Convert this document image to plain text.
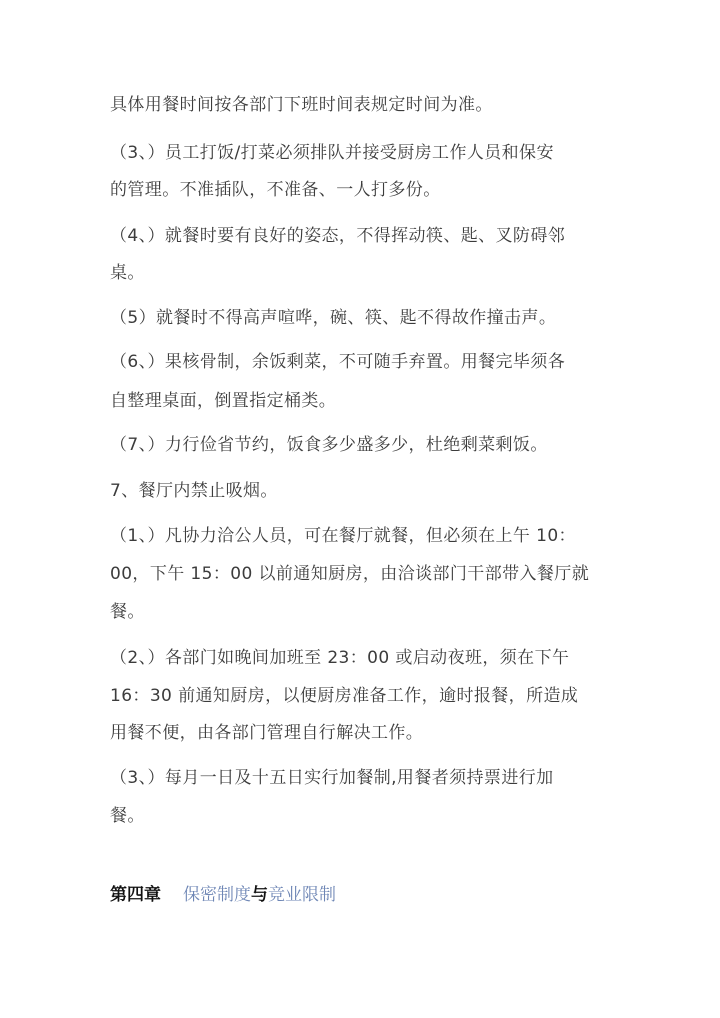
具体用餐时间按各部门下班时间表规定时间为准。
（3、）员工打饭/打菜必须排队并接受厨房工作人员和保安
的管理。不准插队，不准备、一人打多份。
（4、）就餐时要有良好的姿态，不得挥动筷、匙、叉防碍邻
桌。
（5）就餐时不得高声喧哗，碗、筷、匙不得故作撞击声。
（6、）果核骨制，余饭剩菜，不可随手弃置。用餐完毕须各
自整理桌面，倒置指定桶类。
（7、）力行俭省节约，饭食多少盛多少，杜绝剩菜剩饭。
7、餐厅内禁止吸烟。
（1、）凡协力洽公人员，可在餐厅就餐，但必须在上午 10：
00，下午 15：00 以前通知厨房，由洽谈部门干部带入餐厅就
餐。
（2、）各部门如晚间加班至 23：00 或启动夜班，须在下午
16：30 前通知厨房，以便厨房准备工作，逾时报餐，所造成
用餐不便，由各部门管理自行解决工作。
（3、）每月一日及十五日实行加餐制,用餐者须持票进行加
餐。
第四章 保密制度与竞业限制
